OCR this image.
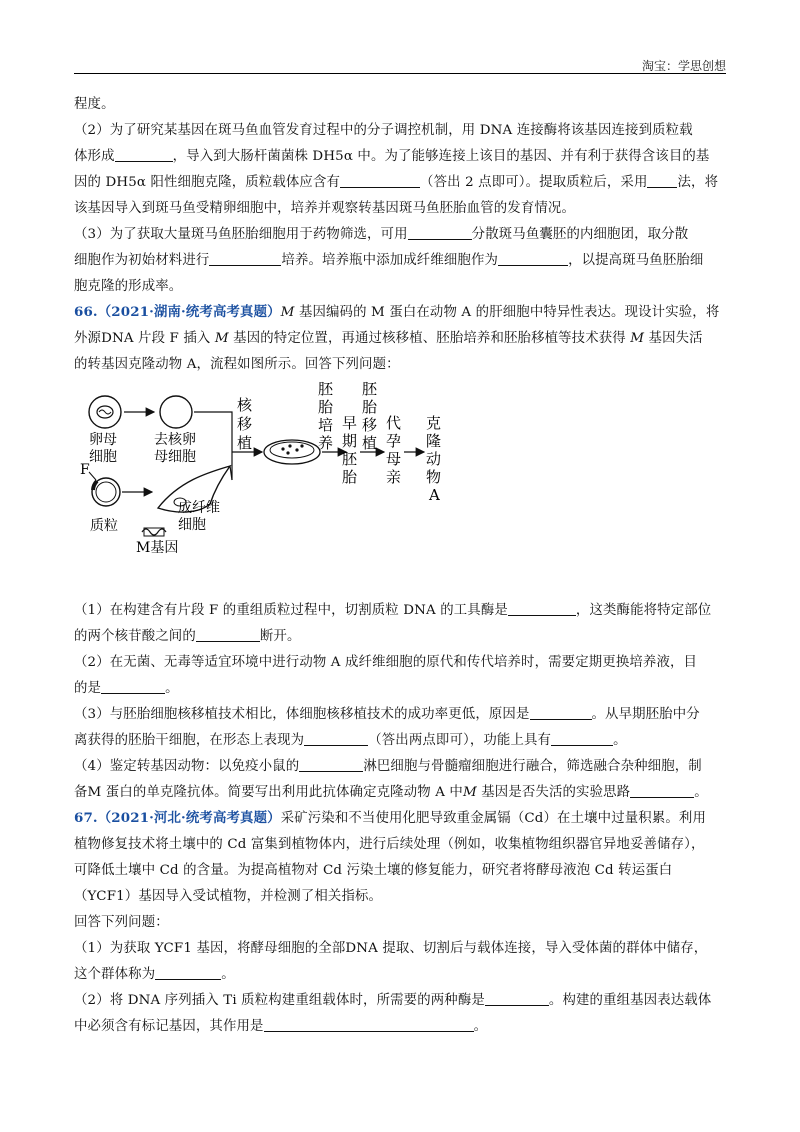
淘宝：学思创想
程度。
（2）为了研究某基因在斑马鱼血管发育过程中的分子调控机制，用 DNA 连接酶将该基因连接到质粒载
体形成	，导入到大肠杆菌菌株 DH5α 中。为了能够连接上该目的基因、并有利于获得含该目的基
因的 DH5α 阳性细胞克隆，质粒载体应含有	（答出 2 点即可）。提取质粒后，采用 法，将
该基因导入到斑马鱼受精卵细胞中，培养并观察转基因斑马鱼胚胎血管的发育情况。
（3）为了获取大量斑马鱼胚胎细胞用于药物筛选，可用	分散斑马鱼囊胚的内细胞团，取分散
细胞作为初始材料进行	培养。培养瓶中添加成纤维细胞作为	，以提高斑马鱼胚胎细
胞克隆的形成率。
66.（2021·湖南·统考高考真题）M 基因编码的 M 蛋白在动物 A 的肝细胞中特异性表达。现设计实验，将
外源DNA 片段 F 插入 M 基因的特定位置，再通过核移植、胚胎培养和胚胎移植等技术获得 M 基因失活
的转基因克隆动物 A，流程如图所示。回答下列问题：
（1）在构建含有片段 F 的重组质粒过程中，切割质粒 DNA 的工具酶是	，这类酶能将特定部位
的两个核苷酸之间的	断开。
（2）在无菌、无毒等适宜环境中进行动物 A 成纤维细胞的原代和传代培养时，需要定期更换培养液，目
的是	。
（3）与胚胎细胞核移植技术相比，体细胞核移植技术的成功率更低，原因是	。从早期胚胎中分
离获得的胚胎干细胞，在形态上表现为	（答出两点即可），功能上具有	。
（4）鉴定转基因动物：以免疫小鼠的	淋巴细胞与骨髓瘤细胞进行融合，筛选融合杂种细胞，制
备M 蛋白的单克隆抗体。简要写出利用此抗体确定克隆动物 A 中M 基因是否失活的实验思路	。
67.（2021·河北·统考高考真题）采矿污染和不当使用化肥导致重金属镉（Cd）在土壤中过量积累。利用
植物修复技术将土壤中的 Cd 富集到植物体内，进行后续处理（例如，收集植物组织器官异地妥善储存），
可降低土壤中 Cd 的含量。为提高植物对 Cd 污染土壤的修复能力，研究者将酵母液泡 Cd 转运蛋白
（YCF1）基因导入受试植物，并检测了相关指标。
回答下列问题：
（1）为获取 YCF1 基因，将酵母细胞的全部DNA 提取、切割后与载体连接，导入受体菌的群体中储存，
这个群体称为	。
（2）将 DNA 序列插入 Ti 质粒构建重组载体时，所需要的两种酶是	。构建的重组基因表达载体
中必须含有标记基因，其作用是	。
卵母
细胞
去核卵
母细胞
F
质粒
成纤维
细胞
M基因
核
移
植
胚
胎
培
养
早
期
胚
胎
胚
胎
移
植
代
孕
母
亲
克
隆
动
物
A
